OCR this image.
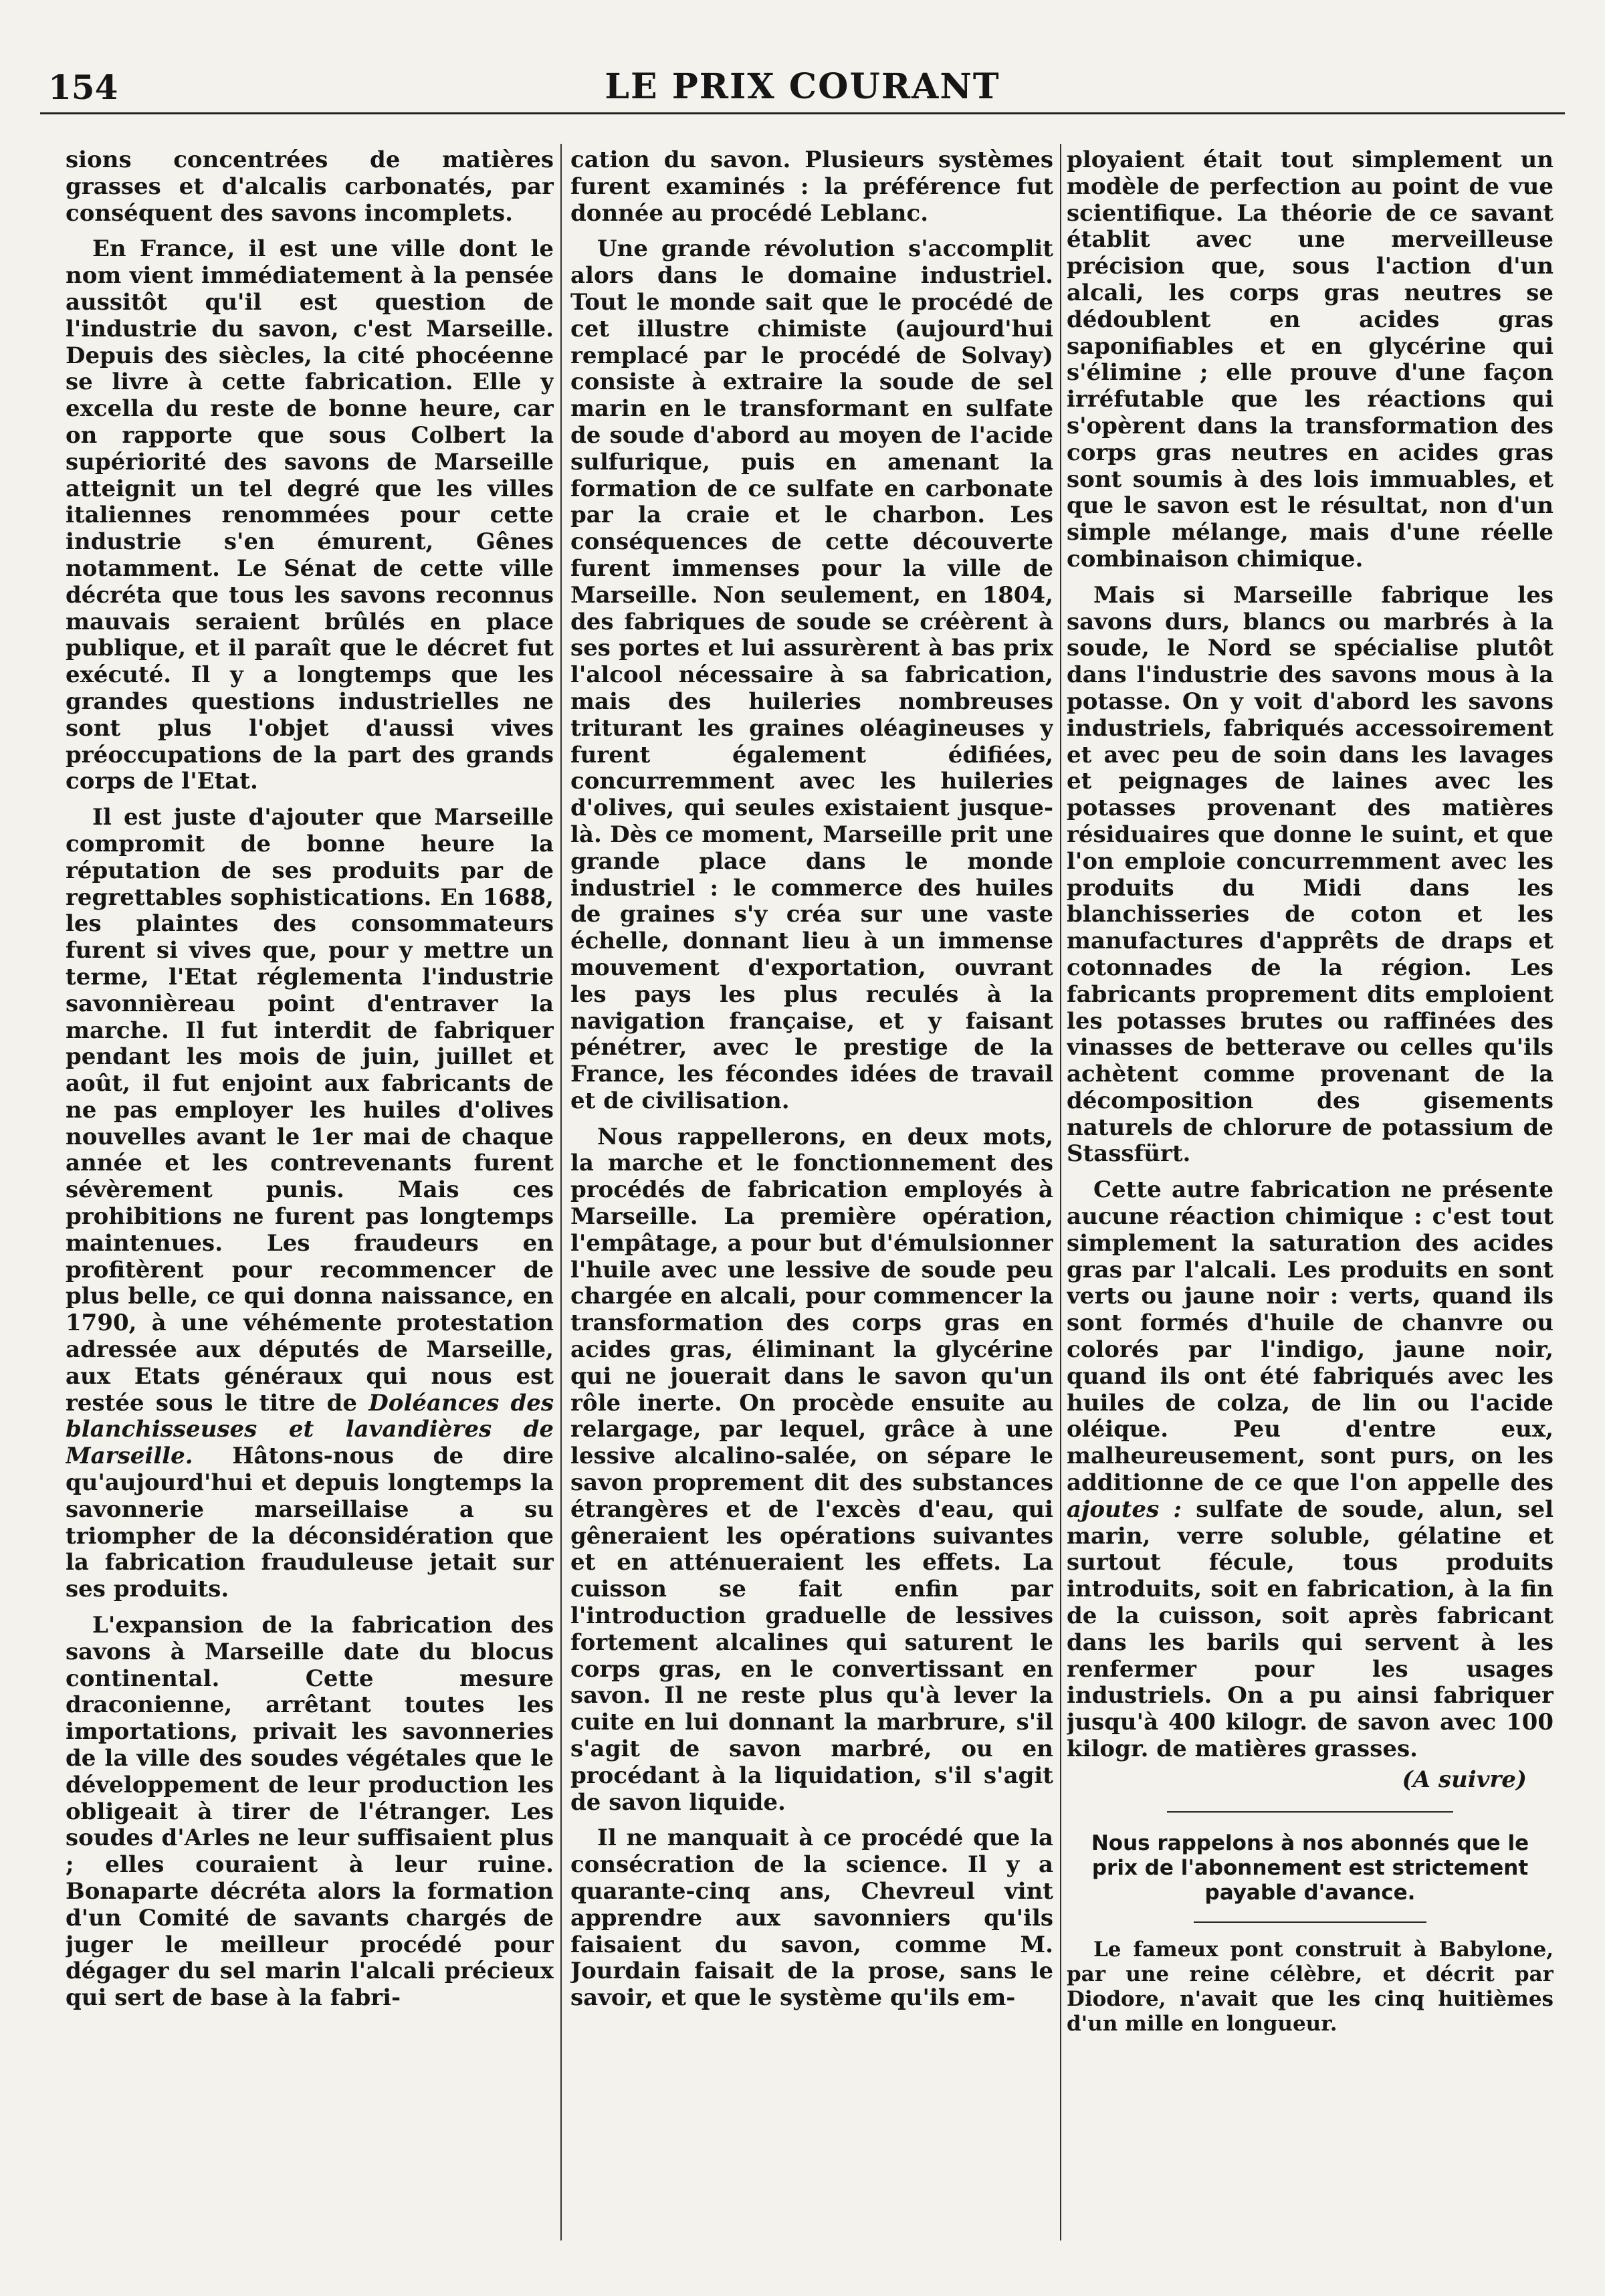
154	LE PRIX COURANT

sions concentrées de matières grasses et d'alcalis carbonatés, par conséquent des savons incomplets.

En France, il est une ville dont le nom vient immédiatement à la pensée aussitôt qu'il est question de l'industrie du savon, c'est Marseille. Depuis des siècles, la cité phocéenne se livre à cette fabrication. Elle y excella du reste de bonne heure, car on rapporte que sous Colbert la supériorité des savons de Marseille atteignit un tel degré que les villes italiennes renommées pour cette industrie s'en émurent, Gênes notamment. Le Sénat de cette ville décréta que tous les savons reconnus mauvais seraient brûlés en place publique, et il paraît que le décret fut exécuté. Il y a longtemps que les grandes questions industrielles ne sont plus l'objet d'aussi vives préoccupations de la part des grands corps de l'Etat.

Il est juste d'ajouter que Marseille compromit de bonne heure la réputation de ses produits par de regrettables sophistications. En 1688, les plaintes des consommateurs furent si vives que, pour y mettre un terme, l'Etat réglementa l'industrie savonnièreau point d'entraver la marche. Il fut interdit de fabriquer pendant les mois de juin, juillet et août, il fut enjoint aux fabricants de ne pas employer les huiles d'olives nouvelles avant le 1er mai de chaque année et les contrevenants furent sévèrement punis. Mais ces prohibitions ne furent pas longtemps maintenues. Les fraudeurs en profitèrent pour recommencer de plus belle, ce qui donna naissance, en 1790, à une véhémente protestation adressée aux députés de Marseille, aux Etats généraux qui nous est restée sous le titre de Doléances des blanchisseuses et lavandières de Marseille. Hâtons-nous de dire qu'aujourd'hui et depuis longtemps la savonnerie marseillaise a su triompher de la déconsidération que la fabrication frauduleuse jetait sur ses produits.

L'expansion de la fabrication des savons à Marseille date du blocus continental. Cette mesure draconienne, arrêtant toutes les importations, privait les savonneries de la ville des soudes végétales que le développement de leur production les obligeait à tirer de l'étranger. Les soudes d'Arles ne leur suffisaient plus ; elles couraient à leur ruine. Bonaparte décréta alors la formation d'un Comité de savants chargés de juger le meilleur procédé pour dégager du sel marin l'alcali précieux qui sert de base à la fabri-

cation du savon. Plusieurs systèmes furent examinés : la préférence fut donnée au procédé Leblanc.

Une grande révolution s'accomplit alors dans le domaine industriel. Tout le monde sait que le procédé de cet illustre chimiste (aujourd'hui remplacé par le procédé de Solvay) consiste à extraire la soude de sel marin en le transformant en sulfate de soude d'abord au moyen de l'acide sulfurique, puis en amenant la formation de ce sulfate en carbonate par la craie et le charbon. Les conséquences de cette découverte furent immenses pour la ville de Marseille. Non seulement, en 1804, des fabriques de soude se créèrent à ses portes et lui assurèrent à bas prix l'alcool nécessaire à sa fabrication, mais des huileries nombreuses triturant les graines oléagineuses y furent également édifiées, concurremment avec les huileries d'olives, qui seules existaient jusque-là. Dès ce moment, Marseille prit une grande place dans le monde industriel : le commerce des huiles de graines s'y créa sur une vaste échelle, donnant lieu à un immense mouvement d'exportation, ouvrant les pays les plus reculés à la navigation française, et y faisant pénétrer, avec le prestige de la France, les fécondes idées de travail et de civilisation.

Nous rappellerons, en deux mots, la marche et le fonctionnement des procédés de fabrication employés à Marseille. La première opération, l'empâtage, a pour but d'émulsionner l'huile avec une lessive de soude peu chargée en alcali, pour commencer la transformation des corps gras en acides gras, éliminant la glycérine qui ne jouerait dans le savon qu'un rôle inerte. On procède ensuite au relargage, par lequel, grâce à une lessive alcalino-salée, on sépare le savon proprement dit des substances étrangères et de l'excès d'eau, qui gêneraient les opérations suivantes et en atténueraient les effets. La cuisson se fait enfin par l'introduction graduelle de lessives fortement alcalines qui saturent le corps gras, en le convertissant en savon. Il ne reste plus qu'à lever la cuite en lui donnant la marbrure, s'il s'agit de savon marbré, ou en procédant à la liquidation, s'il s'agit de savon liquide.

Il ne manquait à ce procédé que la consécration de la science. Il y a quarante-cinq ans, Chevreul vint apprendre aux savonniers qu'ils faisaient du savon, comme M. Jourdain faisait de la prose, sans le savoir, et que le système qu'ils em-

ployaient était tout simplement un modèle de perfection au point de vue scientifique. La théorie de ce savant établit avec une merveilleuse précision que, sous l'action d'un alcali, les corps gras neutres se dédoublent en acides gras saponifiables et en glycérine qui s'élimine ; elle prouve d'une façon irréfutable que les réactions qui s'opèrent dans la transformation des corps gras neutres en acides gras sont soumis à des lois immuables, et que le savon est le résultat, non d'un simple mélange, mais d'une réelle combinaison chimique.

Mais si Marseille fabrique les savons durs, blancs ou marbrés à la soude, le Nord se spécialise plutôt dans l'industrie des savons mous à la potasse. On y voit d'abord les savons industriels, fabriqués accessoirement et avec peu de soin dans les lavages et peignages de laines avec les potasses provenant des matières résiduaires que donne le suint, et que l'on emploie concurremment avec les produits du Midi dans les blanchisseries de coton et les manufactures d'apprêts de draps et cotonnades de la région. Les fabricants proprement dits emploient les potasses brutes ou raffinées des vinasses de betterave ou celles qu'ils achètent comme provenant de la décomposition des gisements naturels de chlorure de potassium de Stassfürt.

Cette autre fabrication ne présente aucune réaction chimique : c'est tout simplement la saturation des acides gras par l'alcali. Les produits en sont verts ou jaune noir : verts, quand ils sont formés d'huile de chanvre ou colorés par l'indigo, jaune noir, quand ils ont été fabriqués avec les huiles de colza, de lin ou l'acide oléique. Peu d'entre eux, malheureusement, sont purs, on les additionne de ce que l'on appelle des ajoutes : sulfate de soude, alun, sel marin, verre soluble, gélatine et surtout fécule, tous produits introduits, soit en fabrication, à la fin de la cuisson, soit après fabricant dans les barils qui servent à les renfermer pour les usages industriels. On a pu ainsi fabriquer jusqu'à 400 kilogr. de savon avec 100 kilogr. de matières grasses.

(A suivre)

Nous rappelons à nos abonnés que le prix de l'abonnement est strictement payable d'avance.

Le fameux pont construit à Babylone, par une reine célèbre, et décrit par Diodore, n'avait que les cinq huitièmes d'un mille en longueur.
